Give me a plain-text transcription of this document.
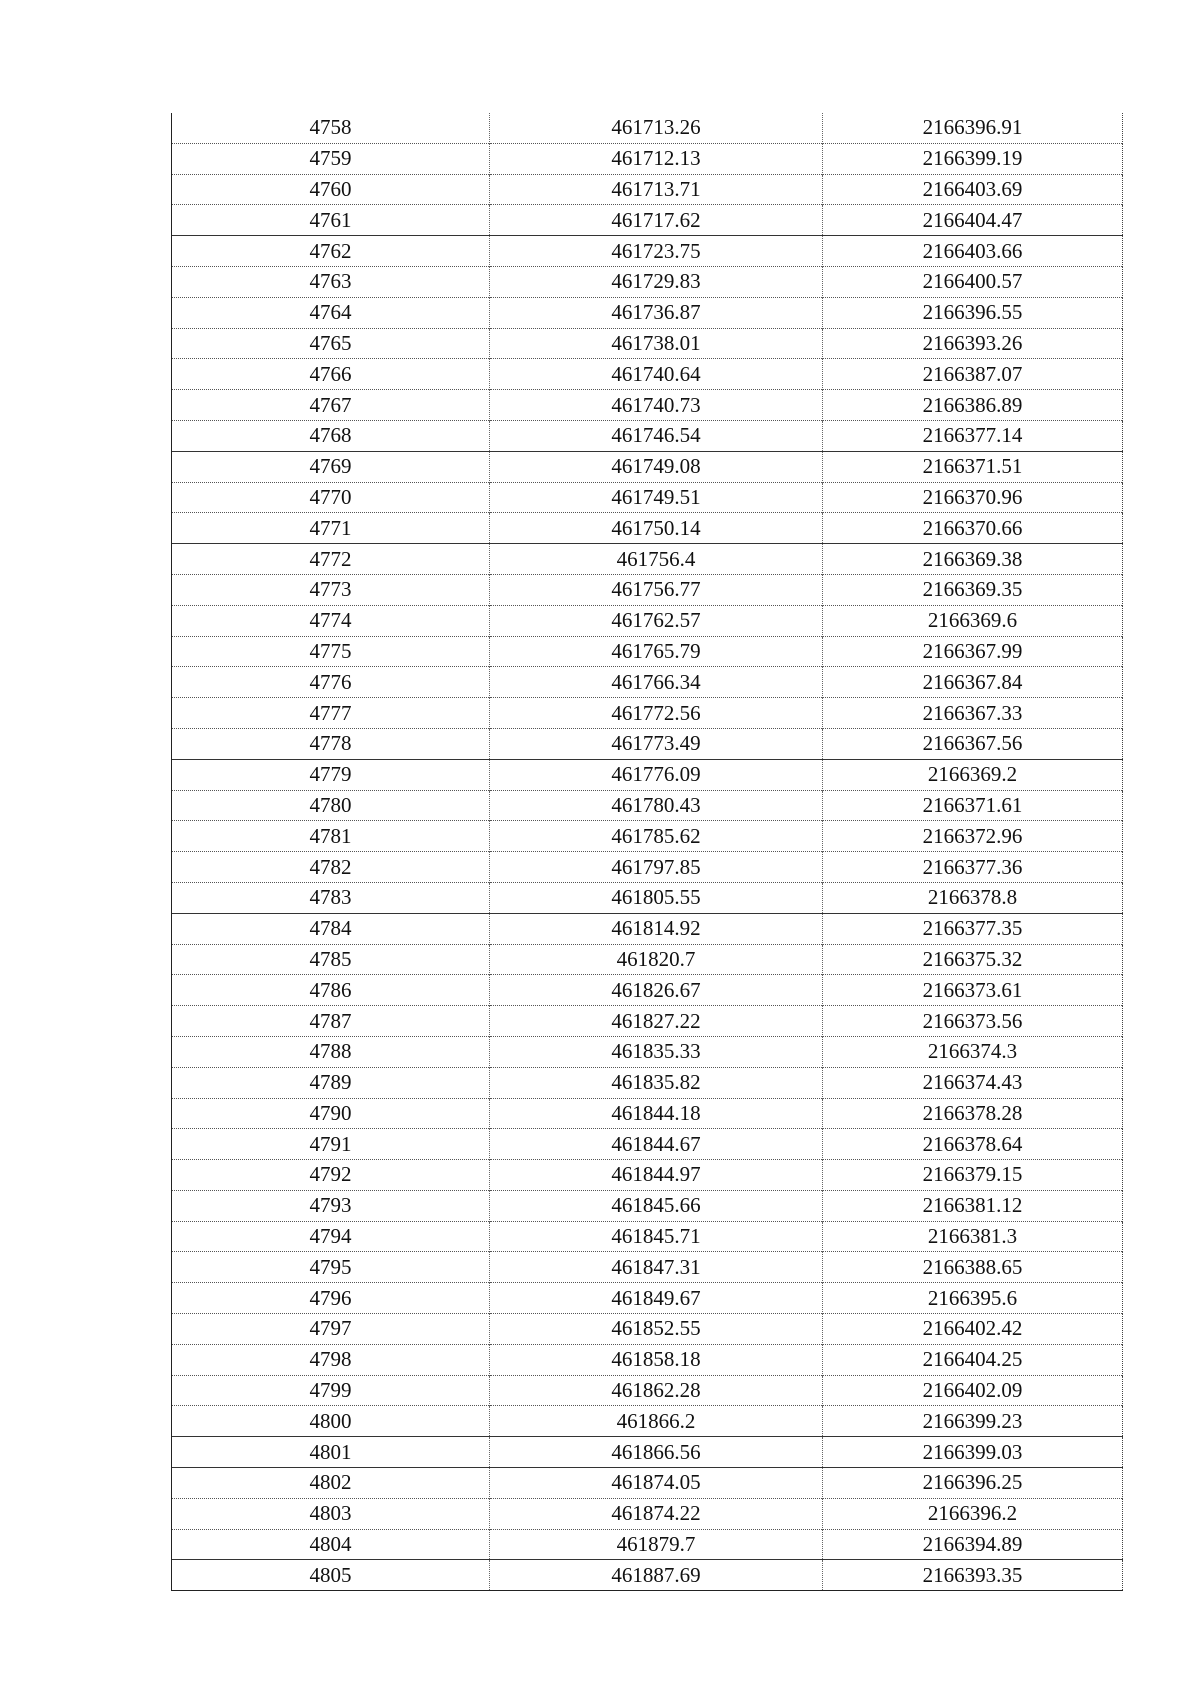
4758	461713.26	2166396.91
4759	461712.13	2166399.19
4760	461713.71	2166403.69
4761	461717.62	2166404.47
4762	461723.75	2166403.66
4763	461729.83	2166400.57
4764	461736.87	2166396.55
4765	461738.01	2166393.26
4766	461740.64	2166387.07
4767	461740.73	2166386.89
4768	461746.54	2166377.14
4769	461749.08	2166371.51
4770	461749.51	2166370.96
4771	461750.14	2166370.66
4772	461756.4	2166369.38
4773	461756.77	2166369.35
4774	461762.57	2166369.6
4775	461765.79	2166367.99
4776	461766.34	2166367.84
4777	461772.56	2166367.33
4778	461773.49	2166367.56
4779	461776.09	2166369.2
4780	461780.43	2166371.61
4781	461785.62	2166372.96
4782	461797.85	2166377.36
4783	461805.55	2166378.8
4784	461814.92	2166377.35
4785	461820.7	2166375.32
4786	461826.67	2166373.61
4787	461827.22	2166373.56
4788	461835.33	2166374.3
4789	461835.82	2166374.43
4790	461844.18	2166378.28
4791	461844.67	2166378.64
4792	461844.97	2166379.15
4793	461845.66	2166381.12
4794	461845.71	2166381.3
4795	461847.31	2166388.65
4796	461849.67	2166395.6
4797	461852.55	2166402.42
4798	461858.18	2166404.25
4799	461862.28	2166402.09
4800	461866.2	2166399.23
4801	461866.56	2166399.03
4802	461874.05	2166396.25
4803	461874.22	2166396.2
4804	461879.7	2166394.89
4805	461887.69	2166393.35
